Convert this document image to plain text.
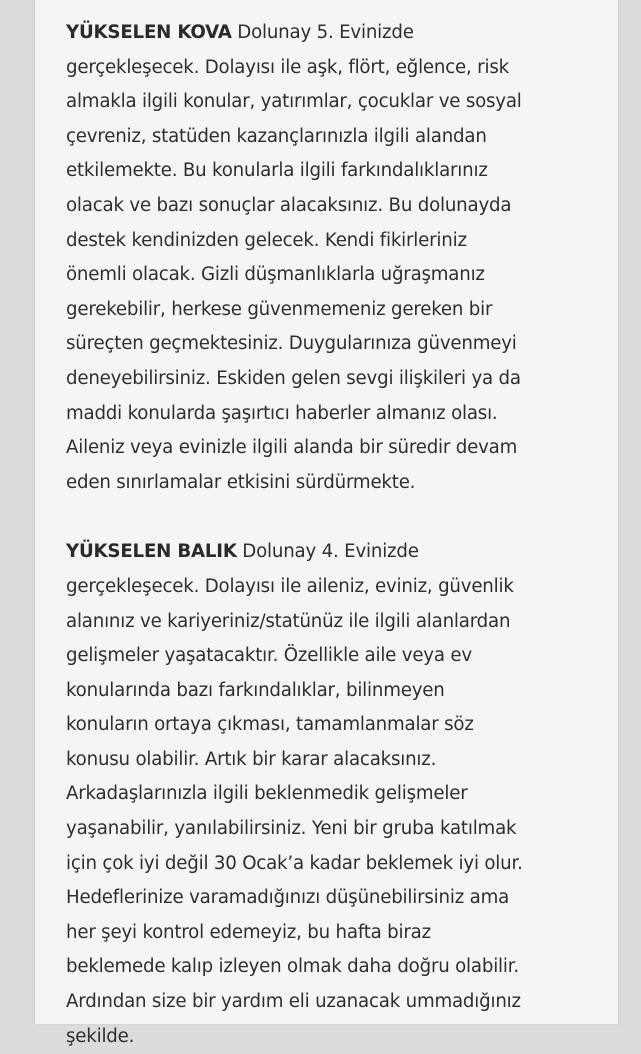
YÜKSELEN KOVA Dolunay 5. Evinizde
gerçekleşecek. Dolayısı ile aşk, flört, eğlence, risk
almakla ilgili konular, yatırımlar, çocuklar ve sosyal
çevreniz, statüden kazançlarınızla ilgili alandan
etkilemekte. Bu konularla ilgili farkındalıklarınız
olacak ve bazı sonuçlar alacaksınız. Bu dolunayda
destek kendinizden gelecek. Kendi fikirleriniz
önemli olacak. Gizli düşmanlıklarla uğraşmanız
gerekebilir, herkese güvenmemeniz gereken bir
süreçten geçmektesiniz. Duygularınıza güvenmeyi
deneyebilirsiniz. Eskiden gelen sevgi ilişkileri ya da
maddi konularda şaşırtıcı haberler almanız olası.
Aileniz veya evinizle ilgili alanda bir süredir devam
eden sınırlamalar etkisini sürdürmekte.

YÜKSELEN BALIK Dolunay 4. Evinizde
gerçekleşecek. Dolayısı ile aileniz, eviniz, güvenlik
alanınız ve kariyeriniz/statünüz ile ilgili alanlardan
gelişmeler yaşatacaktır. Özellikle aile veya ev
konularında bazı farkındalıklar, bilinmeyen
konuların ortaya çıkması, tamamlanmalar söz
konusu olabilir. Artık bir karar alacaksınız.
Arkadaşlarınızla ilgili beklenmedik gelişmeler
yaşanabilir, yanılabilirsiniz. Yeni bir gruba katılmak
için çok iyi değil 30 Ocak’a kadar beklemek iyi olur.
Hedeflerinize varamadığınızı düşünebilirsiniz ama
her şeyi kontrol edemeyiz, bu hafta biraz
beklemede kalıp izleyen olmak daha doğru olabilir.
Ardından size bir yardım eli uzanacak ummadığınız
şekilde.
